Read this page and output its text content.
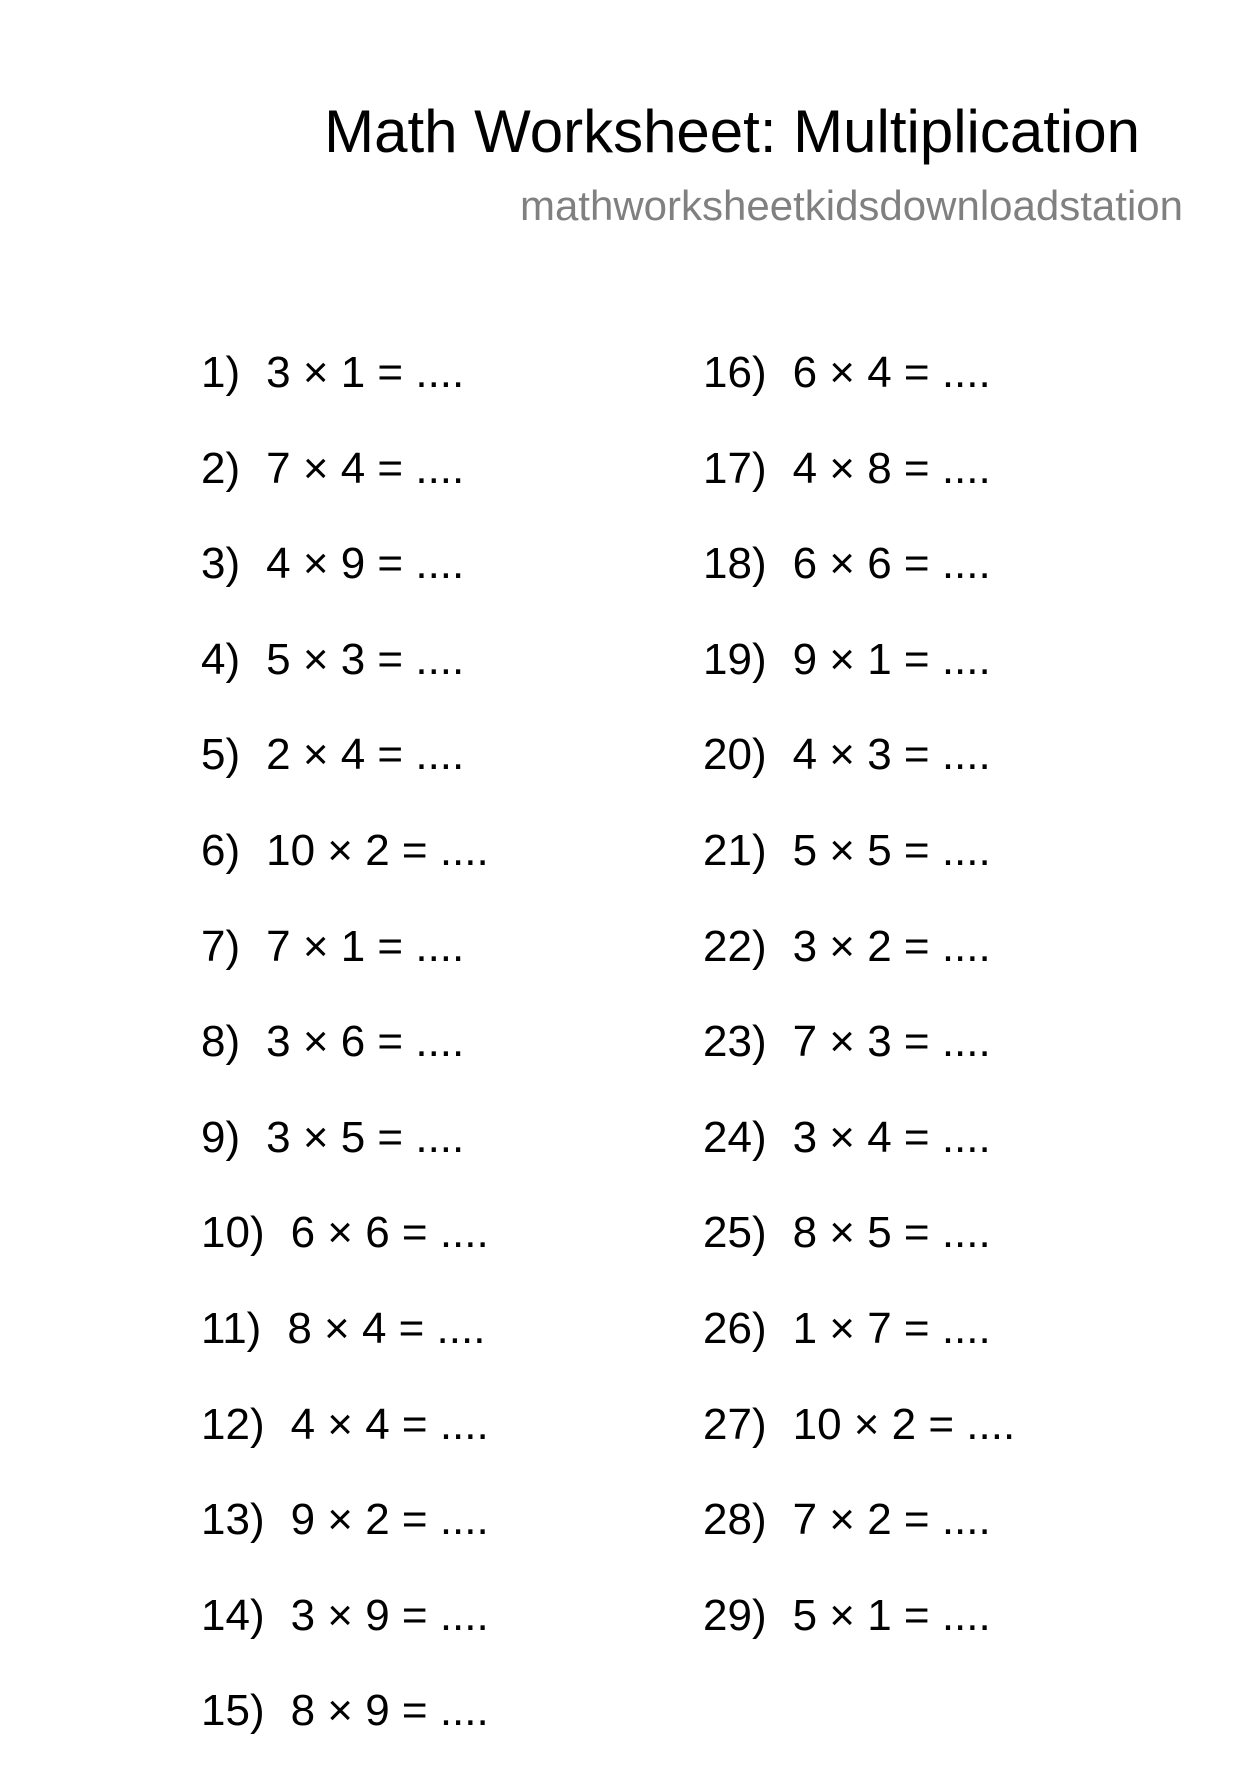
Math Worksheet: Multiplication
mathworksheetkidsdownloadstation
1) 3 × 1 = ....
2) 7 × 4 = ....
3) 4 × 9 = ....
4) 5 × 3 = ....
5) 2 × 4 = ....
6) 10 × 2 = ....
7) 7 × 1 = ....
8) 3 × 6 = ....
9) 3 × 5 = ....
10) 6 × 6 = ....
11) 8 × 4 = ....
12) 4 × 4 = ....
13) 9 × 2 = ....
14) 3 × 9 = ....
15) 8 × 9 = ....
16) 6 × 4 = ....
17) 4 × 8 = ....
18) 6 × 6 = ....
19) 9 × 1 = ....
20) 4 × 3 = ....
21) 5 × 5 = ....
22) 3 × 2 = ....
23) 7 × 3 = ....
24) 3 × 4 = ....
25) 8 × 5 = ....
26) 1 × 7 = ....
27) 10 × 2 = ....
28) 7 × 2 = ....
29) 5 × 1 = ....
